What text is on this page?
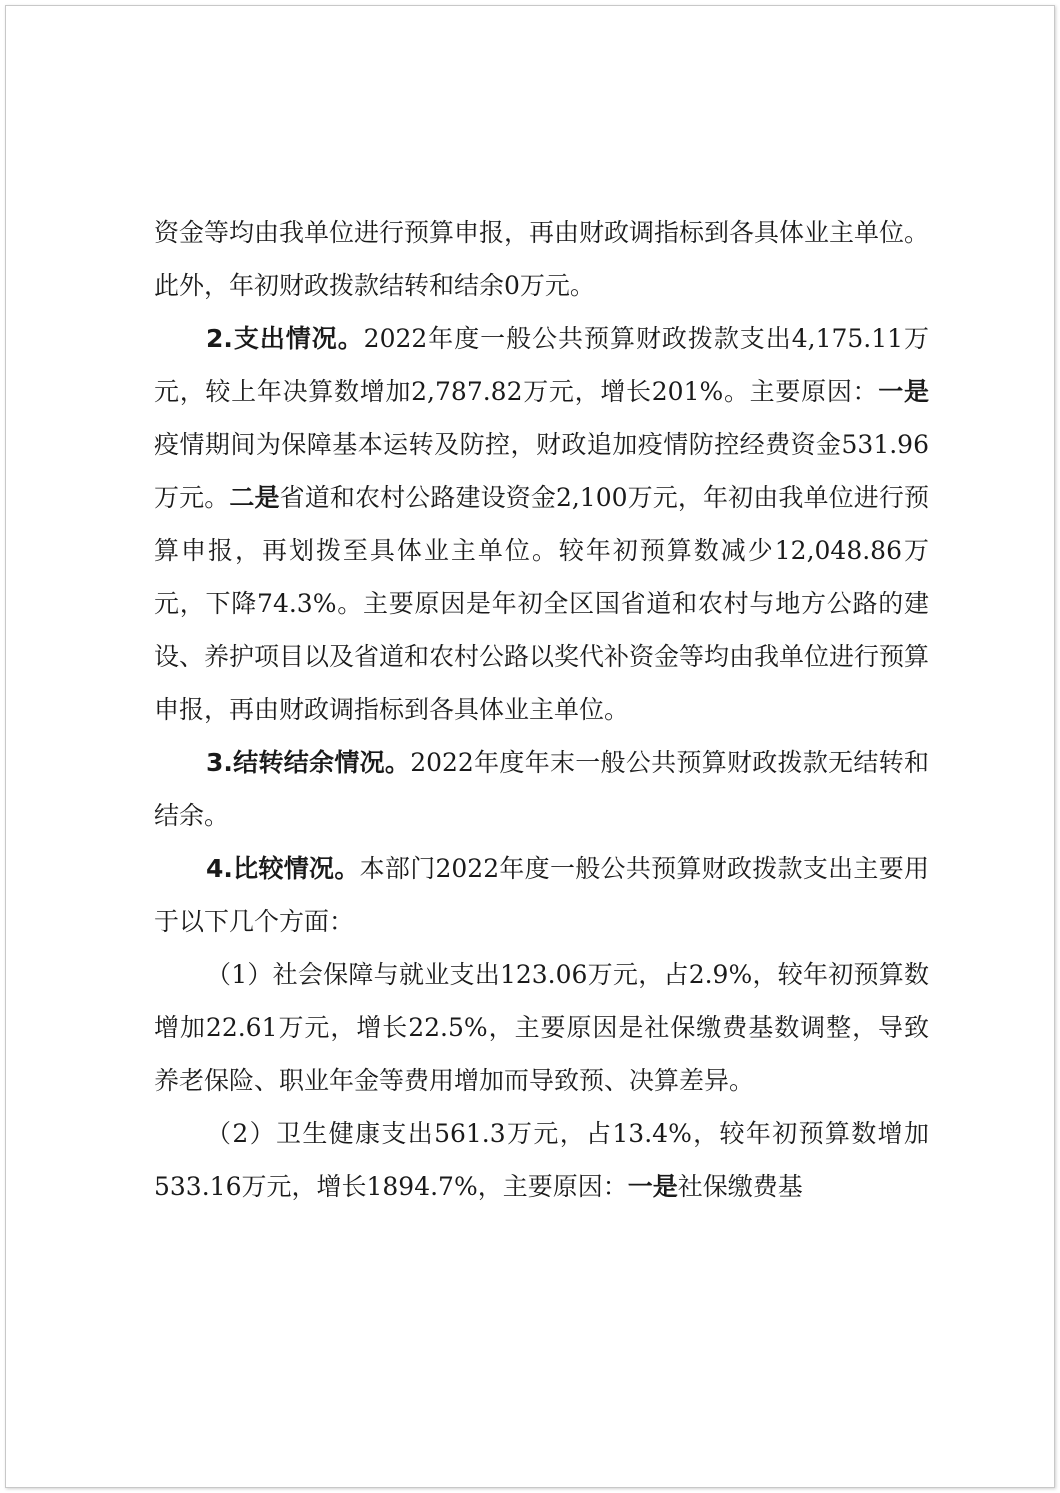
资金等均由我单位进行预算申报，再由财政调指标到各具体业主单位。此外，年初财政拨款结转和结余0万元。

2.支出情况。2022年度一般公共预算财政拨款支出4,175.11万元，较上年决算数增加2,787.82万元，增长201%。主要原因：一是疫情期间为保障基本运转及防控，财政追加疫情防控经费资金531.96万元。二是省道和农村公路建设资金2,100万元，年初由我单位进行预算申报，再划拨至具体业主单位。较年初预算数减少12,048.86万元，下降74.3%。主要原因是年初全区国省道和农村与地方公路的建设、养护项目以及省道和农村公路以奖代补资金等均由我单位进行预算申报，再由财政调指标到各具体业主单位。

3.结转结余情况。2022年度年末一般公共预算财政拨款无结转和结余。

4.比较情况。本部门2022年度一般公共预算财政拨款支出主要用于以下几个方面：

（1）社会保障与就业支出123.06万元，占2.9%，较年初预算数增加22.61万元，增长22.5%，主要原因是社保缴费基数调整，导致养老保险、职业年金等费用增加而导致预、决算差异。

（2）卫生健康支出561.3万元，占13.4%，较年初预算数增加533.16万元，增长1894.7%，主要原因：一是社保缴费基
